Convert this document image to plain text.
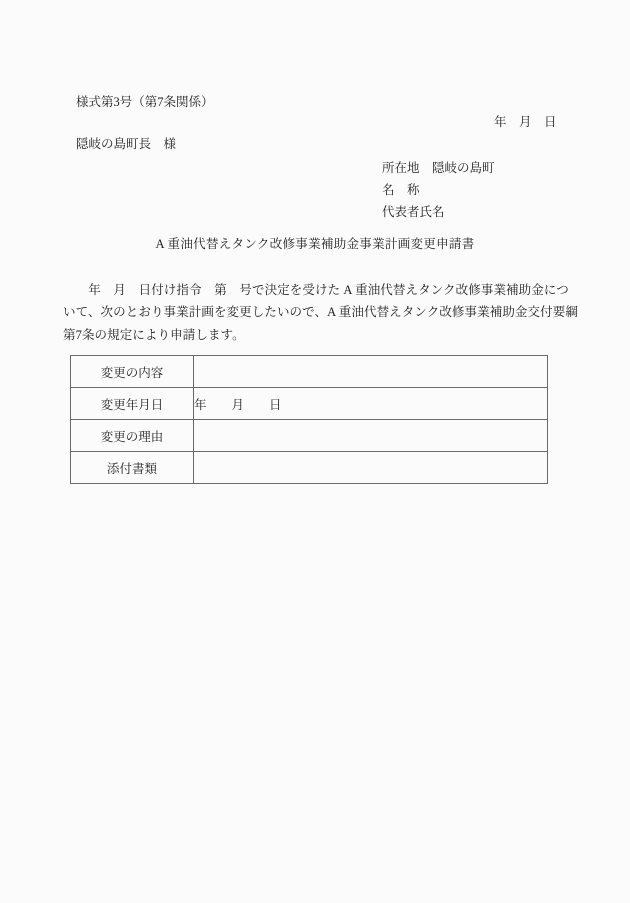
様式第3号（第7条関係）
年　月　日
隠岐の島町長　様
所在地　隠岐の島町
名　称
代表者氏名
A 重油代替えタンク改修事業補助金事業計画変更申請書
　　年　月　日付け指令　第　号で決定を受けた A 重油代替えタンク改修事業補助金につ
いて、次のとおり事業計画を変更したいので、A 重油代替えタンク改修事業補助金交付要綱
第7条の規定により申請します。
変更の内容	
変更年月日	年　　月　　日
変更の理由	
添付書類	
